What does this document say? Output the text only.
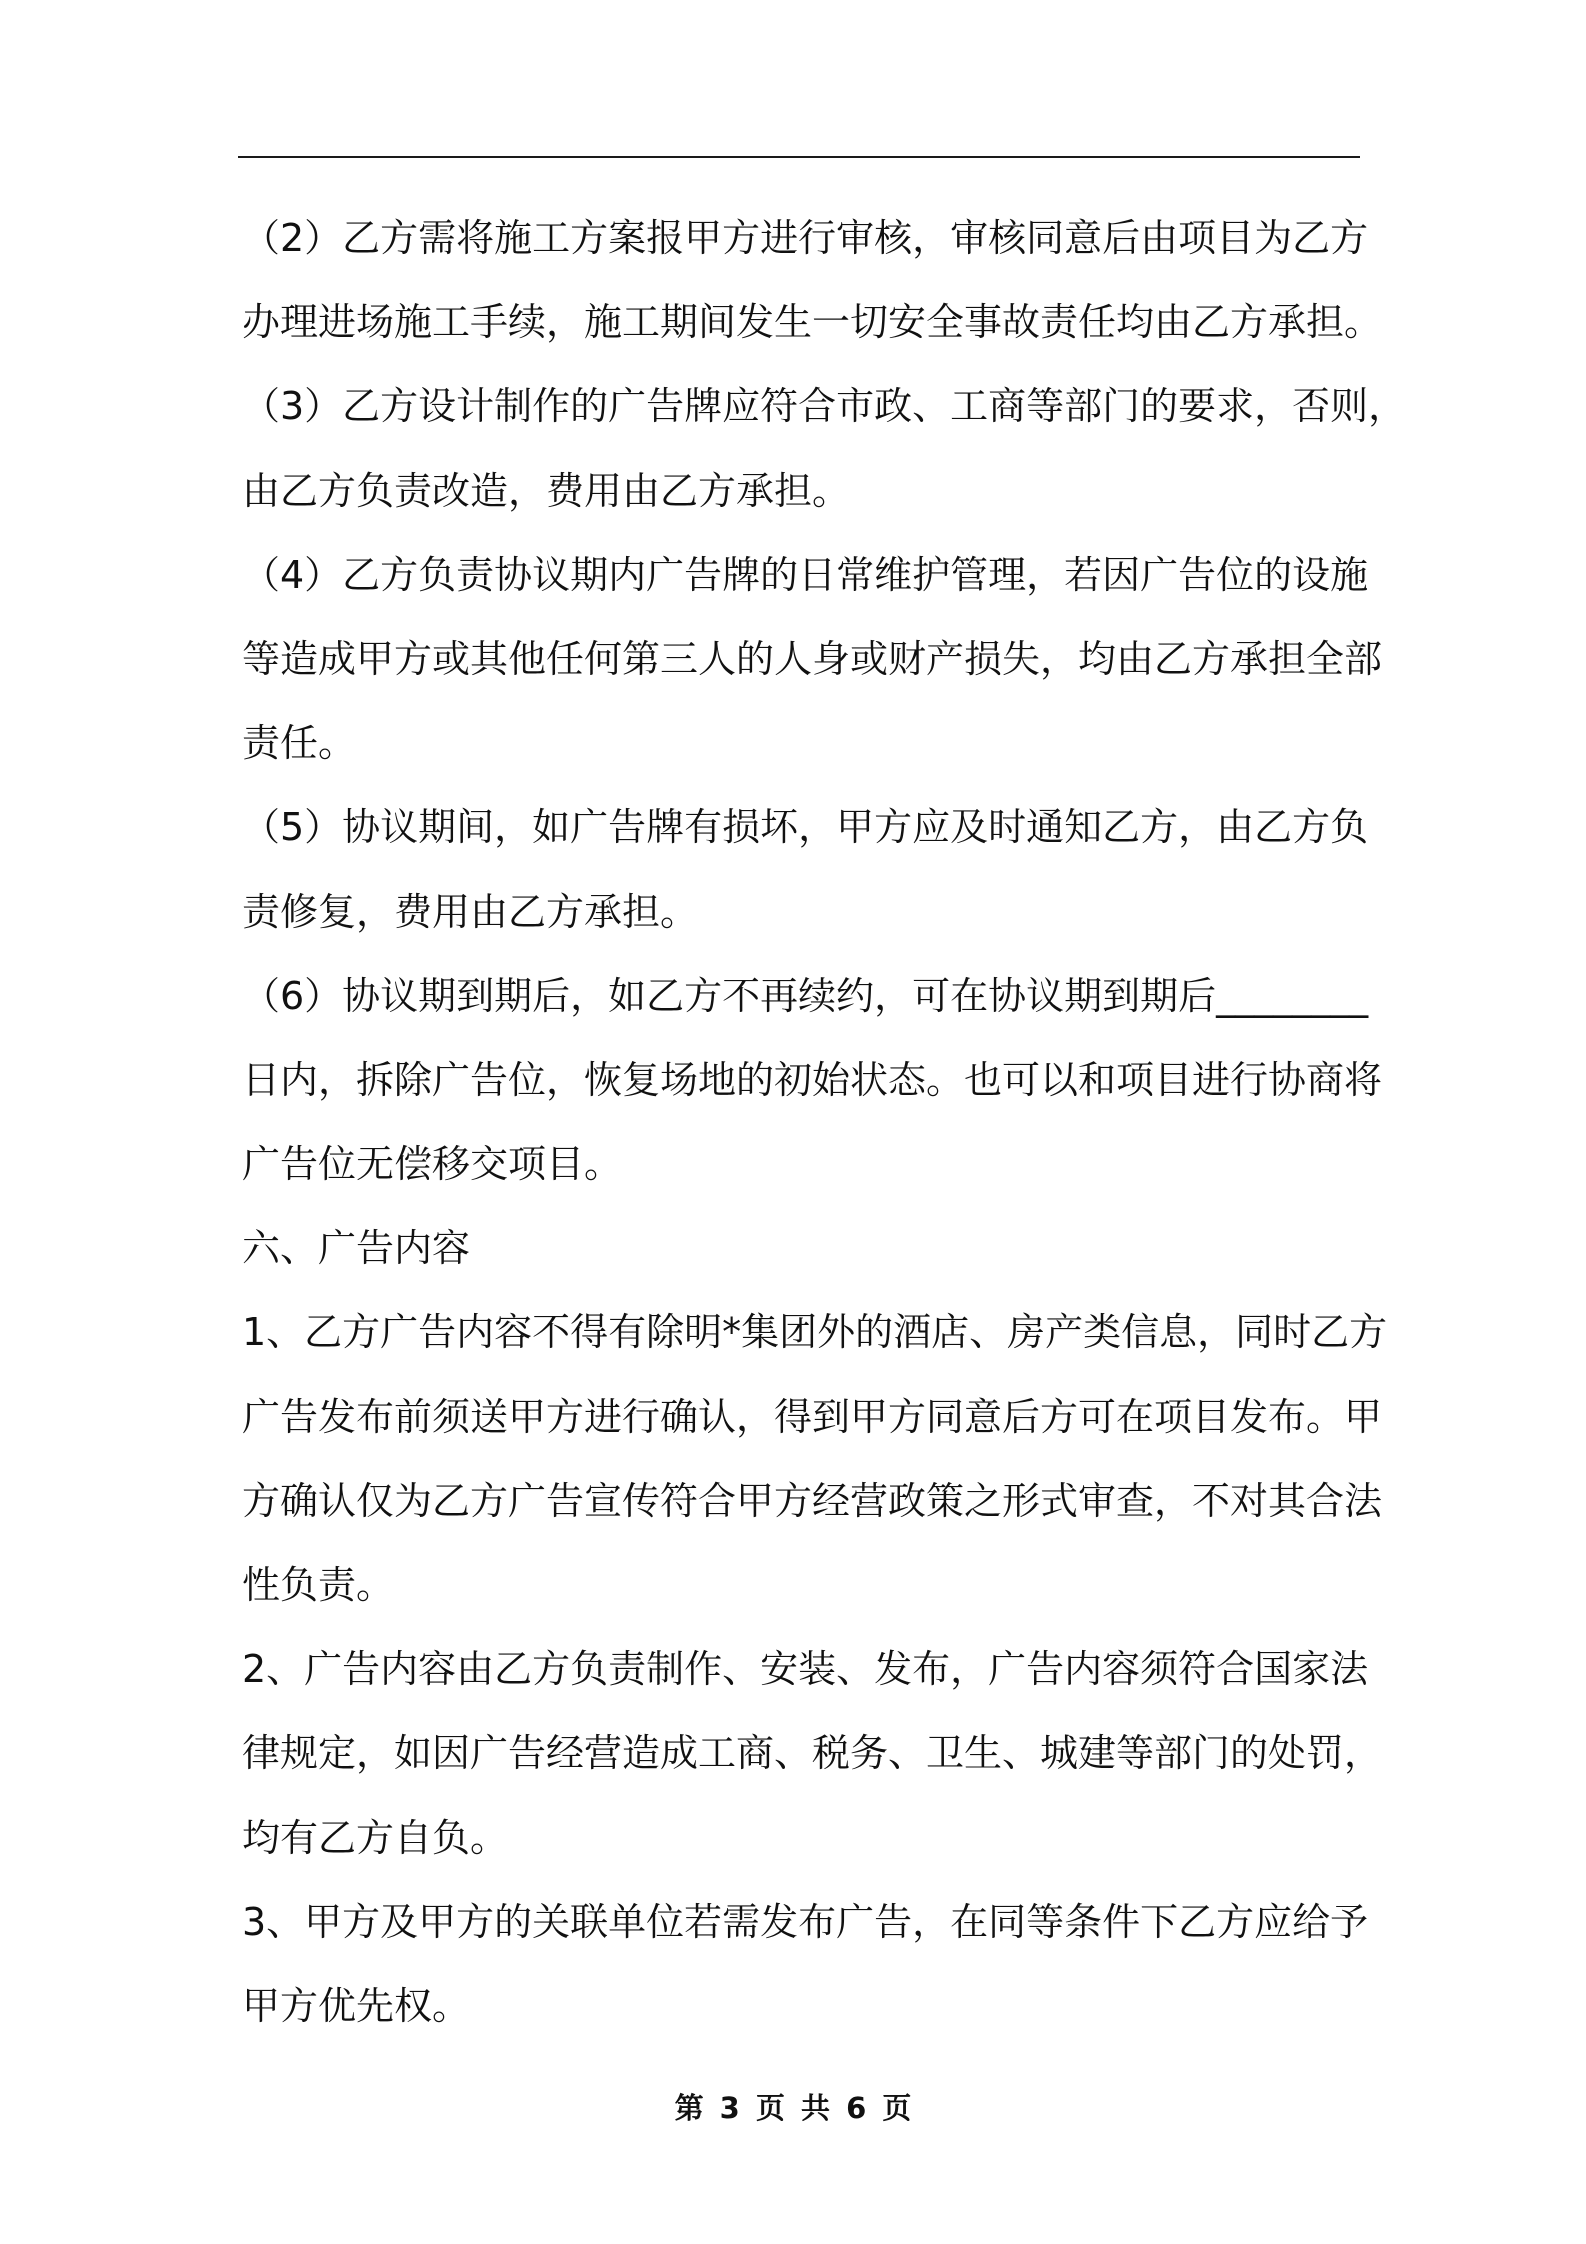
（2）乙方需将施工方案报甲方进行审核，审核同意后由项目为乙方
办理进场施工手续，施工期间发生一切安全事故责任均由乙方承担。
（3）乙方设计制作的广告牌应符合市政、工商等部门的要求，否则，
由乙方负责改造，费用由乙方承担。
（4）乙方负责协议期内广告牌的日常维护管理，若因广告位的设施
等造成甲方或其他任何第三人的人身或财产损失，均由乙方承担全部
责任。
（5）协议期间，如广告牌有损坏，甲方应及时通知乙方，由乙方负
责修复，费用由乙方承担。
（6）协议期到期后，如乙方不再续约，可在协议期到期后________
日内，拆除广告位，恢复场地的初始状态。也可以和项目进行协商将
广告位无偿移交项目。
六、广告内容
1、乙方广告内容不得有除明*集团外的酒店、房产类信息，同时乙方
广告发布前须送甲方进行确认，得到甲方同意后方可在项目发布。甲
方确认仅为乙方广告宣传符合甲方经营政策之形式审查，不对其合法
性负责。
2、广告内容由乙方负责制作、安装、发布，广告内容须符合国家法
律规定，如因广告经营造成工商、税务、卫生、城建等部门的处罚，
均有乙方自负。
3、甲方及甲方的关联单位若需发布广告，在同等条件下乙方应给予
甲方优先权。
第 3 页 共 6 页
